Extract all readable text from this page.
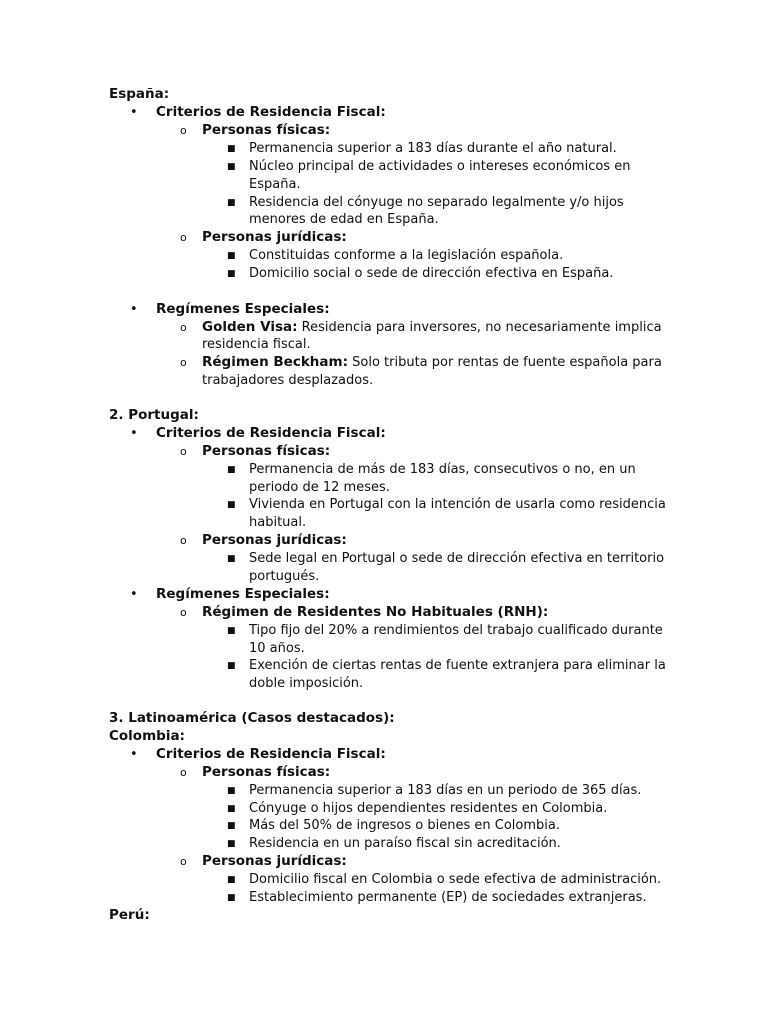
España:
• Criterios de Residencia Fiscal:
o Personas físicas:
■ Permanencia superior a 183 días durante el año natural.
■ Núcleo principal de actividades o intereses económicos en
España.
■ Residencia del cónyuge no separado legalmente y/o hijos
menores de edad en España.
o Personas jurídicas:
■ Constituidas conforme a la legislación española.
■ Domicilio social o sede de dirección efectiva en España.
• Regímenes Especiales:
o Golden Visa: Residencia para inversores, no necesariamente implica
residencia fiscal.
o Régimen Beckham: Solo tributa por rentas de fuente española para
trabajadores desplazados.
2. Portugal:
• Criterios de Residencia Fiscal:
o Personas físicas:
■ Permanencia de más de 183 días, consecutivos o no, en un
periodo de 12 meses.
■ Vivienda en Portugal con la intención de usarla como residencia
habitual.
o Personas jurídicas:
■ Sede legal en Portugal o sede de dirección efectiva en territorio
portugués.
• Regímenes Especiales:
o Régimen de Residentes No Habituales (RNH):
■ Tipo fijo del 20% a rendimientos del trabajo cualificado durante
10 años.
■ Exención de ciertas rentas de fuente extranjera para eliminar la
doble imposición.
3. Latinoamérica (Casos destacados):
Colombia:
• Criterios de Residencia Fiscal:
o Personas físicas:
■ Permanencia superior a 183 días en un periodo de 365 días.
■ Cónyuge o hijos dependientes residentes en Colombia.
■ Más del 50% de ingresos o bienes en Colombia.
■ Residencia en un paraíso fiscal sin acreditación.
o Personas jurídicas:
■ Domicilio fiscal en Colombia o sede efectiva de administración.
■ Establecimiento permanente (EP) de sociedades extranjeras.
Perú:
